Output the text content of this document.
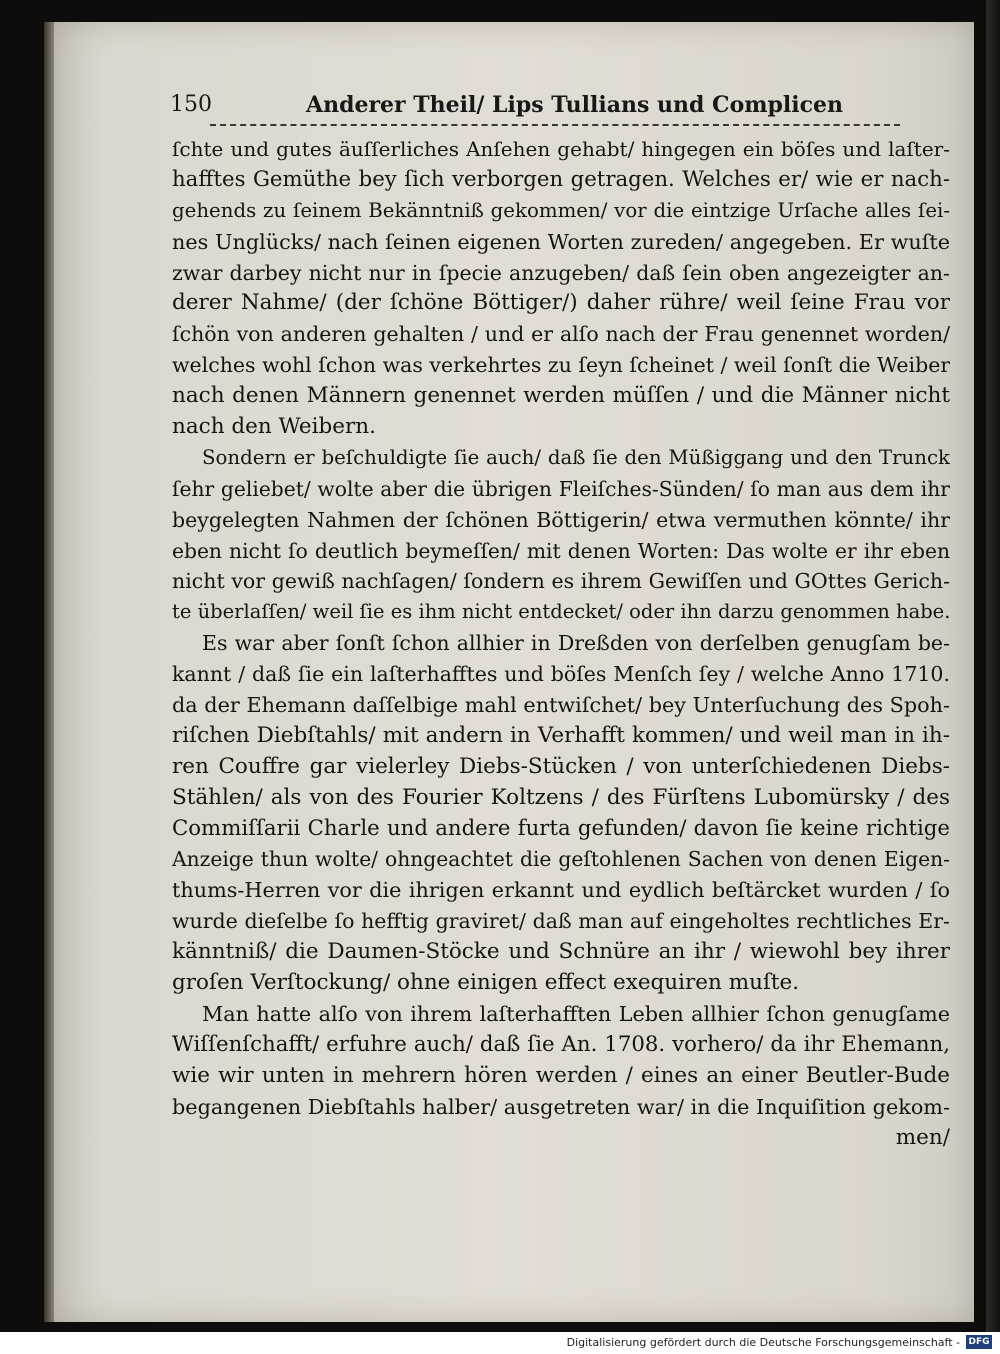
150	Anderer Theil/ Lips Tullians und Complicen
ſchte und gutes äuſſerliches Anſehen gehabt/ hingegen ein böſes und laſter-
hafftes Gemüthe bey ſich verborgen getragen. Welches er/ wie er nach-
gehends zu ſeinem Bekänntniß gekommen/ vor die eintzige Urſache alles ſei-
nes Unglücks/ nach ſeinen eigenen Worten zureden/ angegeben. Er wuſte
zwar darbey nicht nur in ſpecie anzugeben/ daß ſein oben angezeigter an-
derer Nahme/ (der ſchöne Böttiger/) daher rühre/ weil ſeine Frau vor
ſchön von anderen gehalten / und er alſo nach der Frau genennet worden/
welches wohl ſchon was verkehrtes zu ſeyn ſcheinet / weil ſonſt die Weiber
nach denen Männern genennet werden müſſen / und die Männer nicht
nach den Weibern.
Sondern er beſchuldigte ſie auch/ daß ſie den Müßiggang und den Trunck
ſehr geliebet/ wolte aber die übrigen Fleiſches-Sünden/ ſo man aus dem ihr
beygelegten Nahmen der ſchönen Böttigerin/ etwa vermuthen könnte/ ihr
eben nicht ſo deutlich beymeſſen/ mit denen Worten: Das wolte er ihr eben
nicht vor gewiß nachſagen/ ſondern es ihrem Gewiſſen und GOttes Gerich-
te überlaſſen/ weil ſie es ihm nicht entdecket/ oder ihn darzu genommen habe.
Es war aber ſonſt ſchon allhier in Dreßden von derſelben genugſam be-
kannt / daß ſie ein laſterhafftes und böſes Menſch ſey / welche Anno 1710.
da der Ehemann daſſelbige mahl entwiſchet/ bey Unterſuchung des Spoh-
riſchen Diebſtahls/ mit andern in Verhafft kommen/ und weil man in ih-
ren Couffre gar vielerley Diebs-Stücken / von unterſchiedenen Diebs-
Stählen/ als von des Fourier Koltzens / des Fürſtens Lubomürsky / des
Commiſſarii Charle und andere furta gefunden/ davon ſie keine richtige
Anzeige thun wolte/ ohngeachtet die geſtohlenen Sachen von denen Eigen-
thums-Herren vor die ihrigen erkannt und eydlich beſtärcket wurden / ſo
wurde dieſelbe ſo hefftig graviret/ daß man auf eingeholtes rechtliches Er-
känntniß/ die Daumen-Stöcke und Schnüre an ihr / wiewohl bey ihrer
groſen Verſtockung/ ohne einigen effect exequiren muſte.
Man hatte alſo von ihrem laſterhafften Leben allhier ſchon genugſame
Wiſſenſchafft/ erfuhre auch/ daß ſie An. 1708. vorhero/ da ihr Ehemann,
wie wir unten in mehrern hören werden / eines an einer Beutler-Bude
begangenen Diebſtahls halber/ ausgetreten war/ in die Inquiſition gekom-
men/
Digitalisierung gefördert durch die Deutsche Forschungsgemeinschaft - DFG
